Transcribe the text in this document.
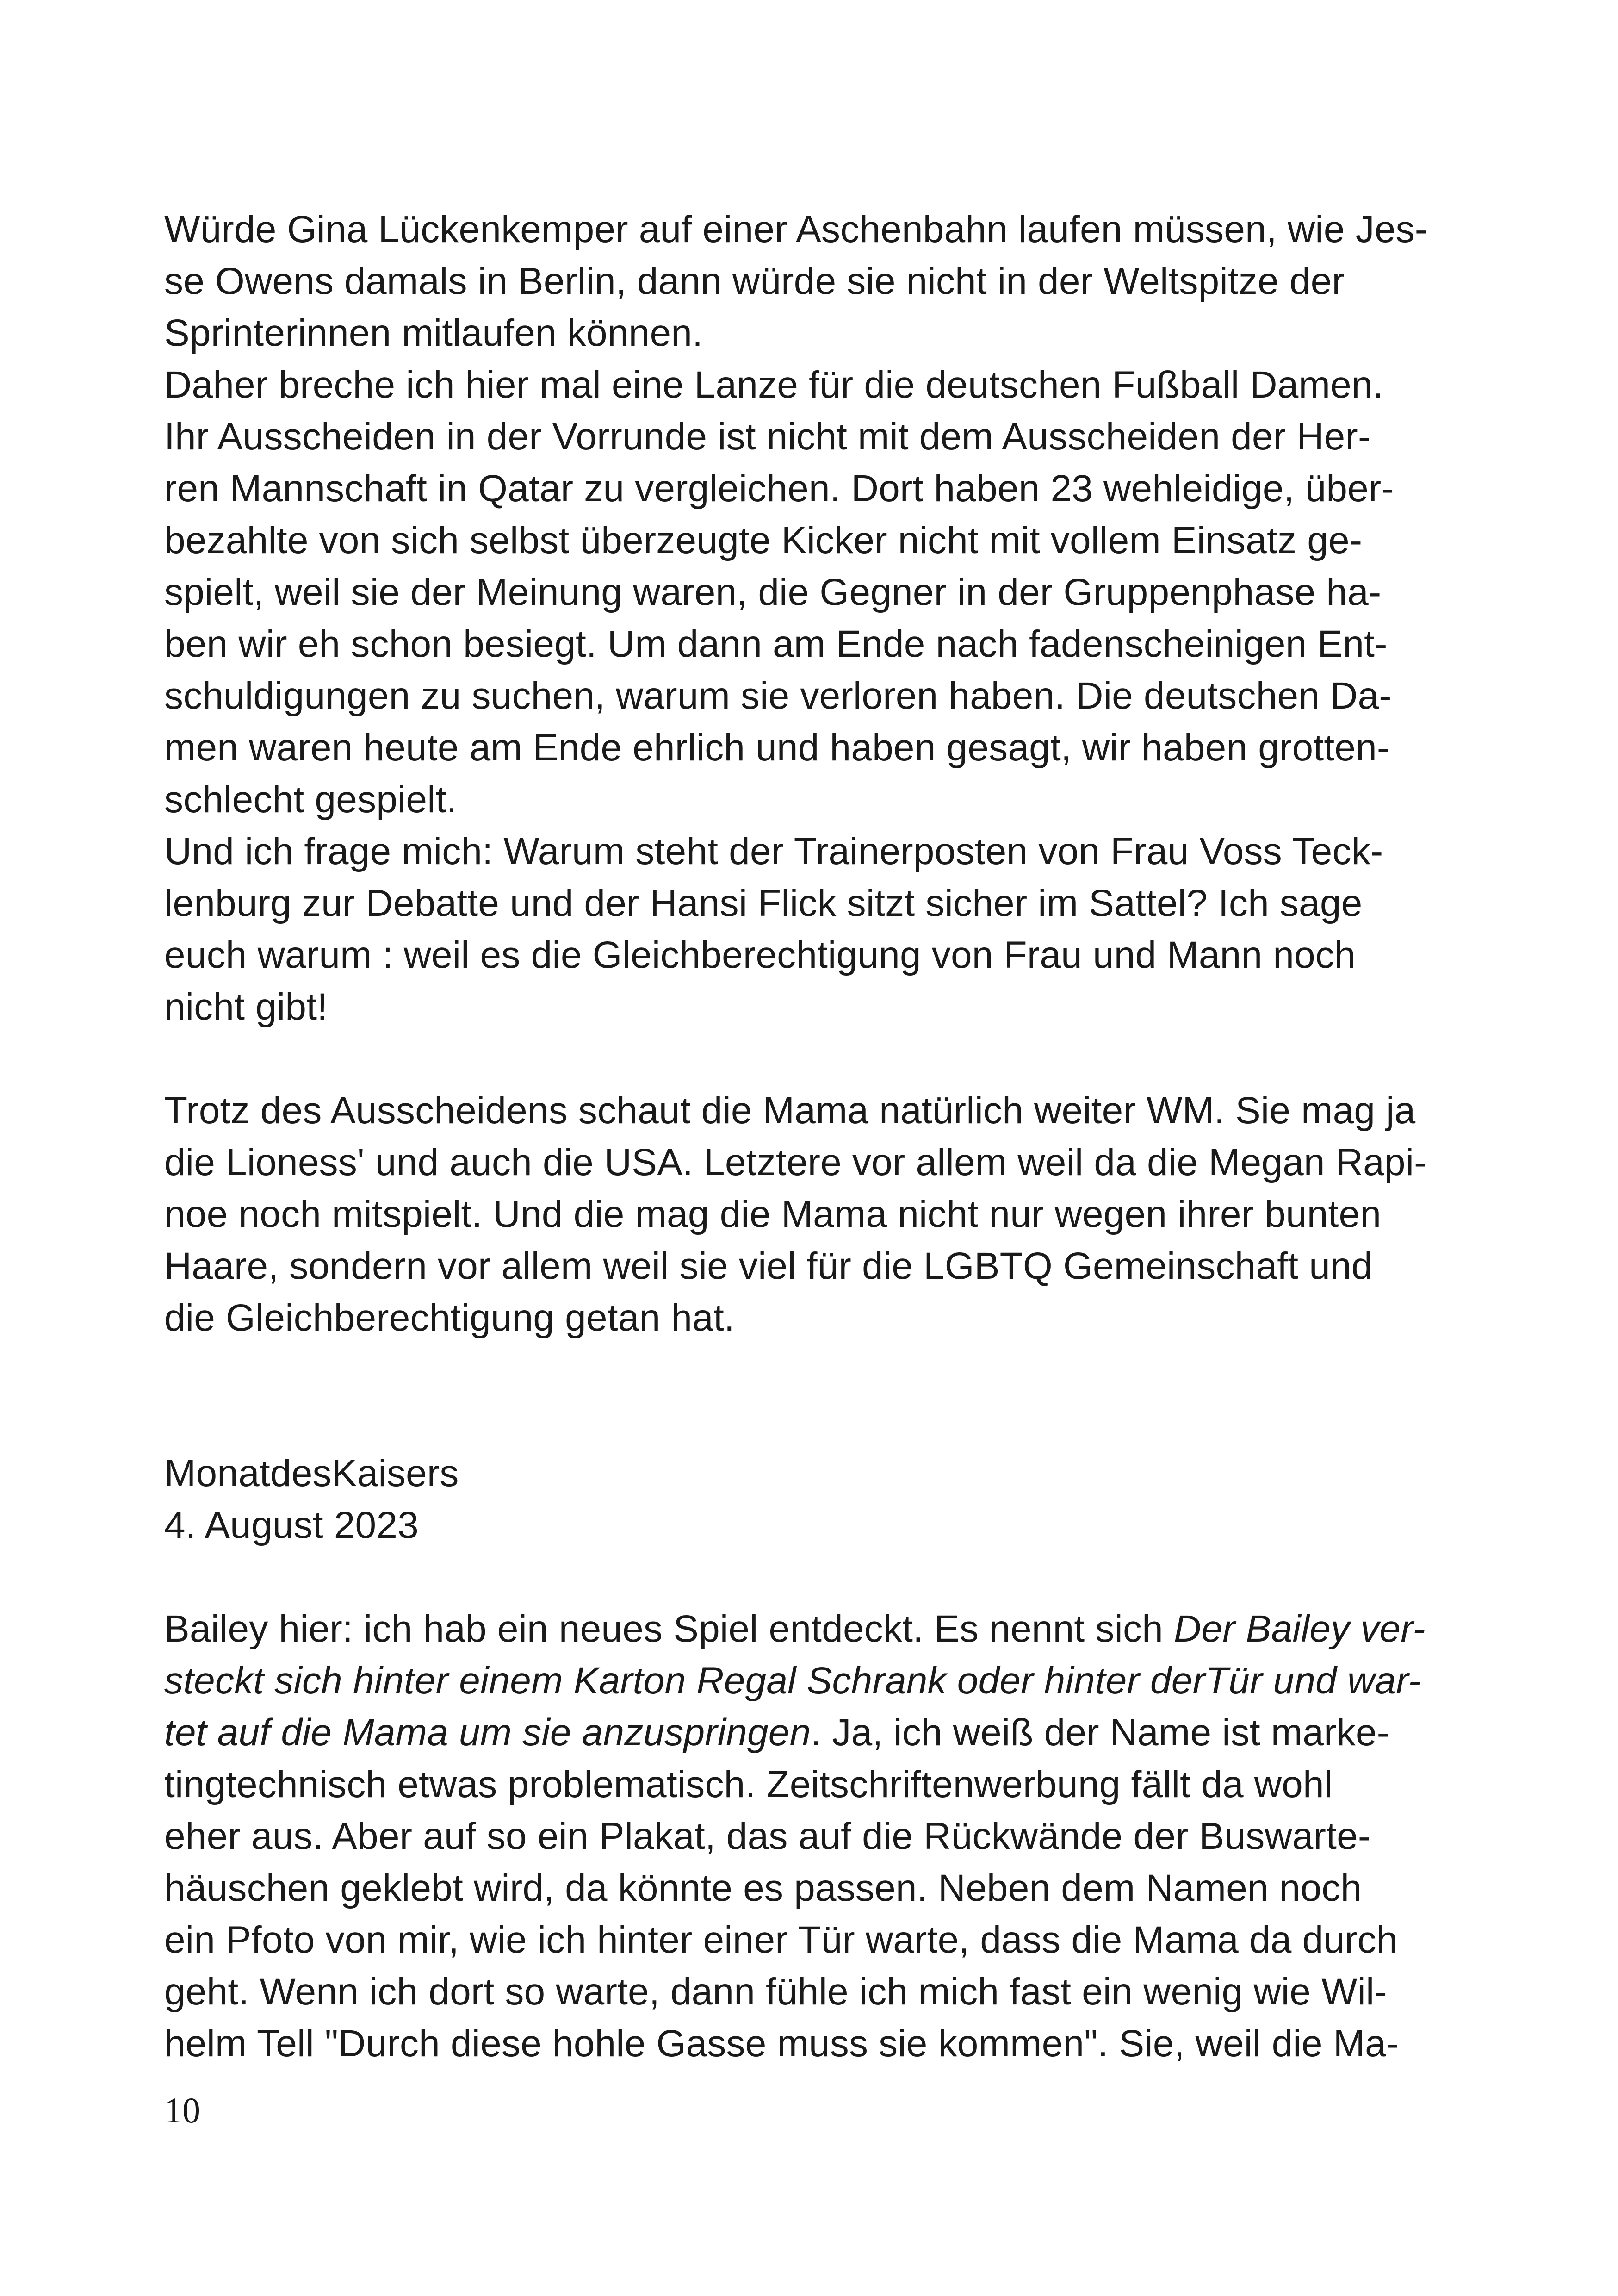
Würde Gina Lückenkemper auf einer Aschenbahn laufen müssen, wie Jes-
se Owens damals in Berlin, dann würde sie nicht in der Weltspitze der
Sprinterinnen mitlaufen können.
Daher breche ich hier mal eine Lanze für die deutschen Fußball Damen.
Ihr Ausscheiden in der Vorrunde ist nicht mit dem Ausscheiden der Her-
ren Mannschaft in Qatar zu vergleichen. Dort haben 23 wehleidige, über-
bezahlte von sich selbst überzeugte Kicker nicht mit vollem Einsatz ge-
spielt, weil sie der Meinung waren, die Gegner in der Gruppenphase ha-
ben wir eh schon besiegt. Um dann am Ende nach fadenscheinigen Ent-
schuldigungen zu suchen, warum sie verloren haben. Die deutschen Da-
men waren heute am Ende ehrlich und haben gesagt, wir haben grotten-
schlecht gespielt.
Und ich frage mich: Warum steht der Trainerposten von Frau Voss Teck-
lenburg zur Debatte und der Hansi Flick sitzt sicher im Sattel? Ich sage
euch warum : weil es die Gleichberechtigung von Frau und Mann noch
nicht gibt!
Trotz des Ausscheidens schaut die Mama natürlich weiter WM. Sie mag ja
die Lioness' und auch die USA. Letztere vor allem weil da die Megan Rapi-
noe noch mitspielt. Und die mag die Mama nicht nur wegen ihrer bunten
Haare, sondern vor allem weil sie viel für die LGBTQ Gemeinschaft und
die Gleichberechtigung getan hat.
MonatdesKaisers
4. August 2023
Bailey hier: ich hab ein neues Spiel entdeckt. Es nennt sich Der Bailey ver-
steckt sich hinter einem Karton Regal Schrank oder hinter derTür und war-
tet auf die Mama um sie anzuspringen. Ja, ich weiß der Name ist marke-
tingtechnisch etwas problematisch. Zeitschriftenwerbung fällt da wohl
eher aus. Aber auf so ein Plakat, das auf die Rückwände der Buswarte-
häuschen geklebt wird, da könnte es passen. Neben dem Namen noch
ein Pfoto von mir, wie ich hinter einer Tür warte, dass die Mama da durch
geht. Wenn ich dort so warte, dann fühle ich mich fast ein wenig wie Wil-
helm Tell "Durch diese hohle Gasse muss sie kommen". Sie, weil die Ma-
10
